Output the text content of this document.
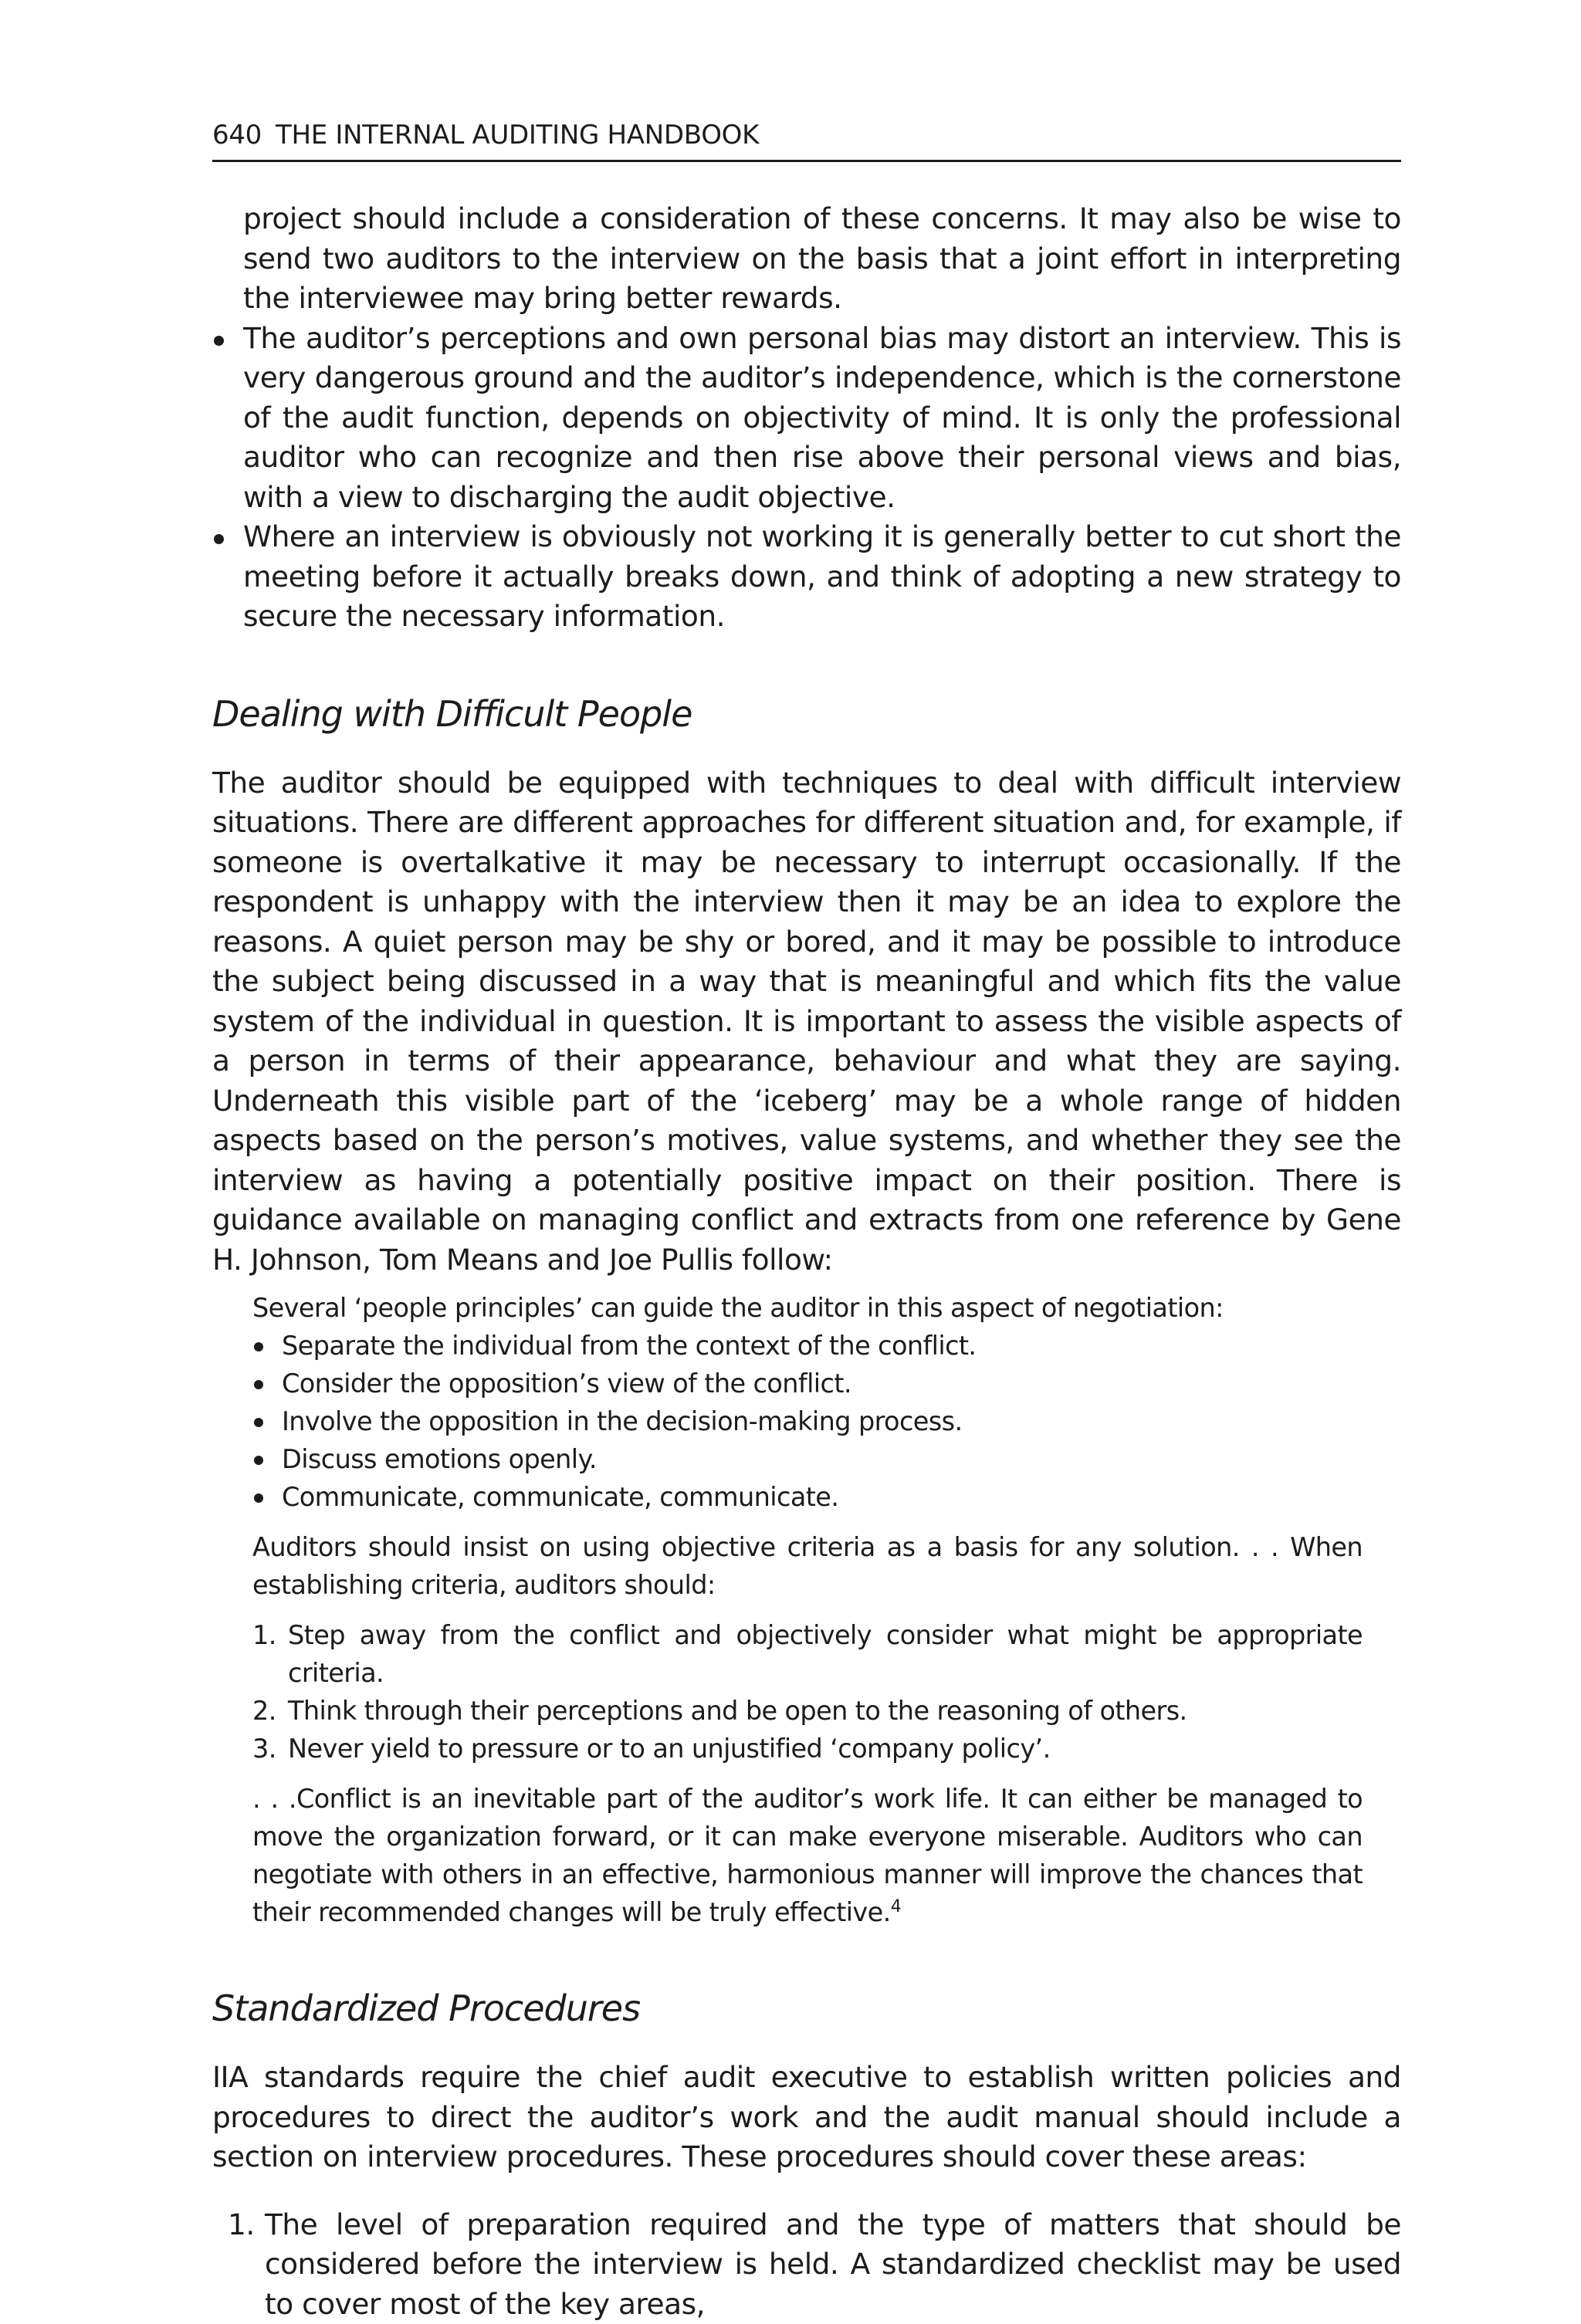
640 THE INTERNAL AUDITING HANDBOOK

project should include a consideration of these concerns. It may also be wise to send two auditors to the interview on the basis that a joint effort in interpreting the interviewee may bring better rewards.

The auditor’s perceptions and own personal bias may distort an interview. This is very dangerous ground and the auditor’s independence, which is the cornerstone of the audit function, depends on objectivity of mind. It is only the professional auditor who can recognize and then rise above their personal views and bias, with a view to discharging the audit objective.
Where an interview is obviously not working it is generally better to cut short the meeting before it actually breaks down, and think of adopting a new strategy to secure the necessary information.
Dealing with Difficult People

The auditor should be equipped with techniques to deal with difficult interview situations. There are different approaches for different situation and, for example, if someone is overtalkative it may be necessary to interrupt occasionally. If the respondent is unhappy with the interview then it may be an idea to explore the reasons. A quiet person may be shy or bored, and it may be possible to introduce the subject being discussed in a way that is meaningful and which fits the value system of the individual in question. It is important to assess the visible aspects of a person in terms of their appearance, behaviour and what they are saying. Underneath this visible part of the ‘iceberg’ may be a whole range of hidden aspects based on the person’s motives, value systems, and whether they see the interview as having a potentially positive impact on their position. There is guidance available on managing conflict and extracts from one reference by Gene H. Johnson, Tom Means and Joe Pullis follow:

Several ‘people principles’ can guide the auditor in this aspect of negotiation:

Separate the individual from the context of the conflict.
Consider the opposition’s view of the conflict.
Involve the opposition in the decision-making process.
Discuss emotions openly.
Communicate, communicate, communicate.

Auditors should insist on using objective criteria as a basis for any solution. . . When establishing criteria, auditors should:

1. Step away from the conflict and objectively consider what might be appropriate criteria.
2. Think through their perceptions and be open to the reasoning of others.
3. Never yield to pressure or to an unjustified ‘company policy’.

. . .Conflict is an inevitable part of the auditor’s work life. It can either be managed to move the organization forward, or it can make everyone miserable. Auditors who can negotiate with others in an effective, harmonious manner will improve the chances that their recommended changes will be truly effective.$^4$

Standardized Procedures

IIA standards require the chief audit executive to establish written policies and procedures to direct the auditor’s work and the audit manual should include a section on interview procedures. These procedures should cover these areas:

1. The level of preparation required and the type of matters that should be considered before the interview is held. A standardized checklist may be used to cover most of the key areas,
